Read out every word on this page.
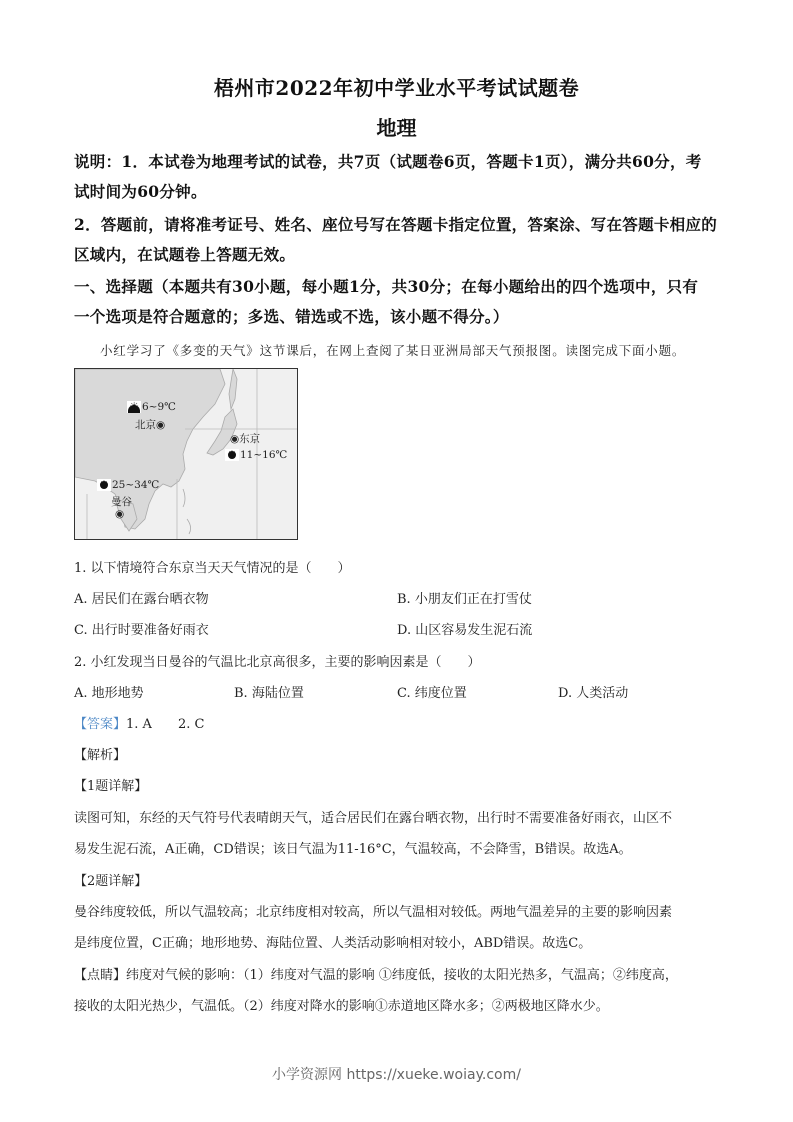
梧州市2022年初中学业水平考试试题卷
地理
说明：1．本试卷为地理考试的试卷，共7页（试题卷6页，答题卡1页），满分共60分，考
试时间为60分钟。
2．答题前，请将准考证号、姓名、座位号写在答题卡指定位置，答案涂、写在答题卡相应的
区域内，在试题卷上答题无效。
一、选择题（本题共有30小题，每小题1分，共30分；在每小题给出的四个选项中，只有
一个选项是符合题意的；多选、错选或不选，该小题不得分。）
小红学习了《多变的天气》这节课后，在网上查阅了某日亚洲局部天气预报图。读图完成下面小题。
6~9℃
北京◉
◉东京
11~16℃
25~34℃
曼谷
◉
1. 以下情境符合东京当天天气情况的是（　　）
A. 居民们在露台晒衣物	B. 小朋友们正在打雪仗
C. 出行时要准备好雨衣	D. 山区容易发生泥石流
2. 小红发现当日曼谷的气温比北京高很多，主要的影响因素是（　　）
A. 地形地势	B. 海陆位置	C. 纬度位置	D. 人类活动
【答案】1. A　　2. C
【解析】
【1题详解】
读图可知，东经的天气符号代表晴朗天气，适合居民们在露台晒衣物，出行时不需要准备好雨衣，山区不
易发生泥石流，A正确，CD错误；该日气温为11-16°C，气温较高，不会降雪，B错误。故选A。
【2题详解】
曼谷纬度较低，所以气温较高；北京纬度相对较高，所以气温相对较低。两地气温差异的主要的影响因素
是纬度位置，C正确；地形地势、海陆位置、人类活动影响相对较小，ABD错误。故选C。
【点睛】纬度对气候的影响：（1）纬度对气温的影响 ①纬度低，接收的太阳光热多，气温高；②纬度高，
接收的太阳光热少，气温低。（2）纬度对降水的影响①赤道地区降水多；②两极地区降水少。
小学资源网 https://xueke.woiay.com/
